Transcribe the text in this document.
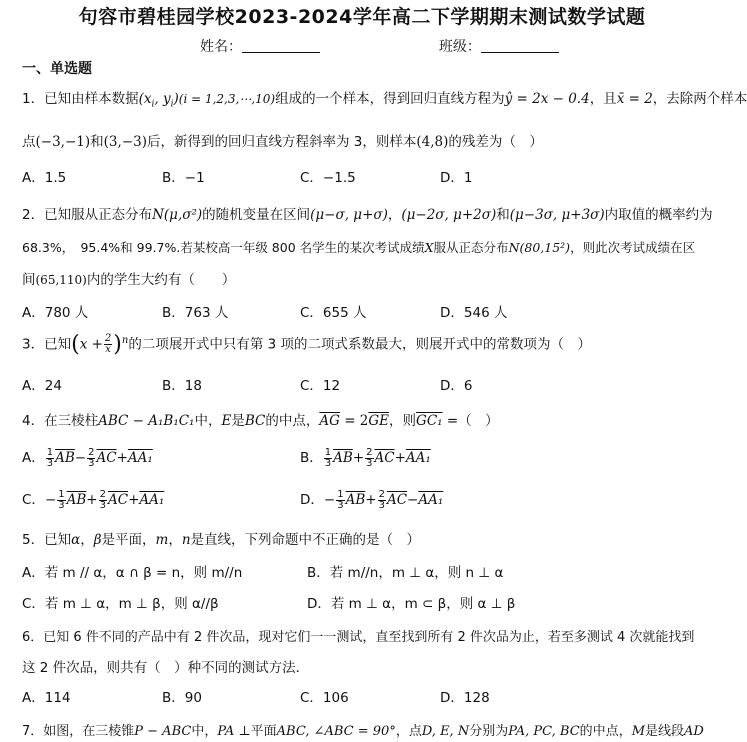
句容市碧桂园学校2023-2024学年高二下学期期末测试数学试题
姓名：	班级：
一、单选题
1．已知由样本数据($x_i$, $y_i)(i$ = 1,2,3,⋯,10)组成的一个样本，得到回归直线方程为ŷ = 2x − 0.4，且x̄ = 2，去除两个样本
点(−3,−1)和(3,−3)后，新得到的回归直线方程斜率为 3，则样本(4,8)的残差为（　）
A．1.5	B．−1	C．−1.5	D．1
2．已知服从正态分布N(μ,σ²)的随机变量在区间(μ−σ, μ+σ)，(μ−2σ, μ+2σ)和(μ−3σ, μ+3σ)内取值的概率约为
68.3%，　95.4%和 99.7%.若某校高一年级 800 名学生的某次考试成绩X服从正态分布N(80,15²)，则此次考试成绩在区
间(65,110)内的学生大约有（　　）
A．780 人	B．763 人	C．655 人	D．546 人
3．已知$(x + \frac{2}{x} )^n$的二项展开式中只有第 3 项的二项式系数最大，则展开式中的常数项为（　）
A．24	B．18	C．12	D．6
4．在三棱柱ABC − A₁B₁C₁中，E是BC的中点，$\overline{AG} = 2\overline{GE}$，则GC₁ =（　）
A． $\frac{1}{3} \overline{AB}- \frac{2}{3} \overline{AC}+AA_1$	B． $\frac{1}{3} \overline{AB}+ \frac{2}{3} \overline{AC}+AA_1$
C．− $\frac{1}{3} \overline{AB}+ \frac{2}{3} \overline{AC}+AA_1$	D．− $\frac{1}{3} \overline{AB}+ \frac{2}{3} \overline{AC}-AA_1$
5．已知α，β是平面，m，n是直线，下列命题中不正确的是（　）
A．若 m // α，α ∩ β = n，则 m//n	B．若 m//n，m ⊥ α，则 n ⊥ α
C．若 m ⊥ α，m ⊥ β，则 α//β	D．若 m ⊥ α，m ⊂ β，则 α ⊥ β
6．已知 6 件不同的产品中有 2 件次品，现对它们一一测试，直至找到所有 2 件次品为止，若至多测试 4 次就能找到
这 2 件次品，则共有（　）种不同的测试方法．
A．114	B．90	C．106	D．128
7．如图，在三棱锥P − ABC中，PA ⊥平面ABC, ∠ABC = 90°，点D, E, N分别为PA, PC, BC的中点，M是线段AD
